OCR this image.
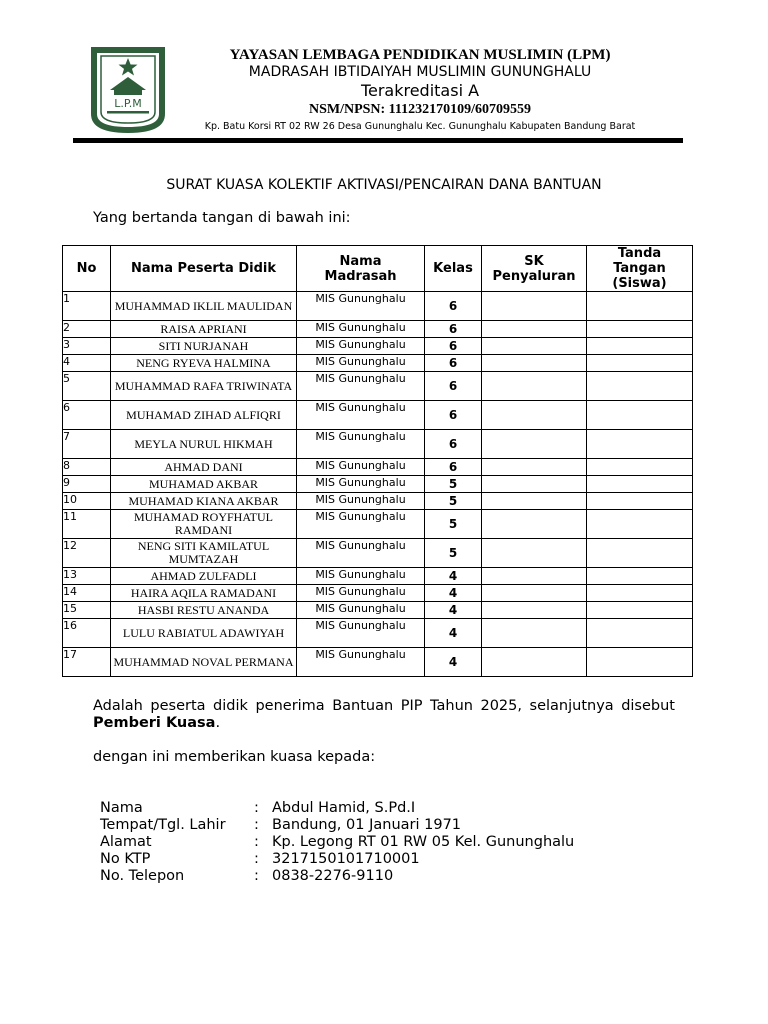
L.P.M
YAYASAN LEMBAGA PENDIDIKAN MUSLIMIN (LPM)
MADRASAH IBTIDAIYAH MUSLIMIN GUNUNGHALU
Terakreditasi A
NSM/NPSN: 111232170109/60709559
Kp. Batu Korsi RT 02 RW 26 Desa Gununghalu Kec. Gununghalu Kabupaten Bandung Barat
SURAT KUASA KOLEKTIF AKTIVASI/PENCAIRAN DANA BANTUAN
Yang bertanda tangan di bawah ini:
No	Nama Peserta Didik	Nama Madrasah	Kelas	SK Penyaluran	Tanda Tangan (Siswa)
1	MUHAMMAD IKLIL MAULIDAN	MIS Gununghalu	6		
2	RAISA APRIANI	MIS Gununghalu	6		
3	SITI NURJANAH	MIS Gununghalu	6		
4	NENG RYEVA HALMINA	MIS Gununghalu	6		
5	MUHAMMAD RAFA TRIWINATA	MIS Gununghalu	6		
6	MUHAMAD ZIHAD ALFIQRI	MIS Gununghalu	6		
7	MEYLA NURUL HIKMAH	MIS Gununghalu	6		
8	AHMAD DANI	MIS Gununghalu	6		
9	MUHAMAD AKBAR	MIS Gununghalu	5		
10	MUHAMAD KIANA AKBAR	MIS Gununghalu	5		
11	MUHAMAD ROYFHATUL RAMDANI	MIS Gununghalu	5		
12	NENG SITI KAMILATUL MUMTAZAH	MIS Gununghalu	5		
13	AHMAD ZULFADLI	MIS Gununghalu	4		
14	HAIRA AQILA RAMADANI	MIS Gununghalu	4		
15	HASBI RESTU ANANDA	MIS Gununghalu	4		
16	LULU RABIATUL ADAWIYAH	MIS Gununghalu	4		
17	MUHAMMAD NOVAL PERMANA	MIS Gununghalu	4		
Adalah peserta didik penerima Bantuan PIP Tahun 2025, selanjutnya disebut Pemberi Kuasa.
dengan ini memberikan kuasa kepada:
Nama	: Abdul Hamid, S.Pd.I
Tempat/Tgl. Lahir	: Bandung, 01 Januari 1971
Alamat	: Kp. Legong RT 01 RW 05 Kel. Gununghalu
No KTP	: 3217150101710001
No. Telepon	: 0838-2276-9110
